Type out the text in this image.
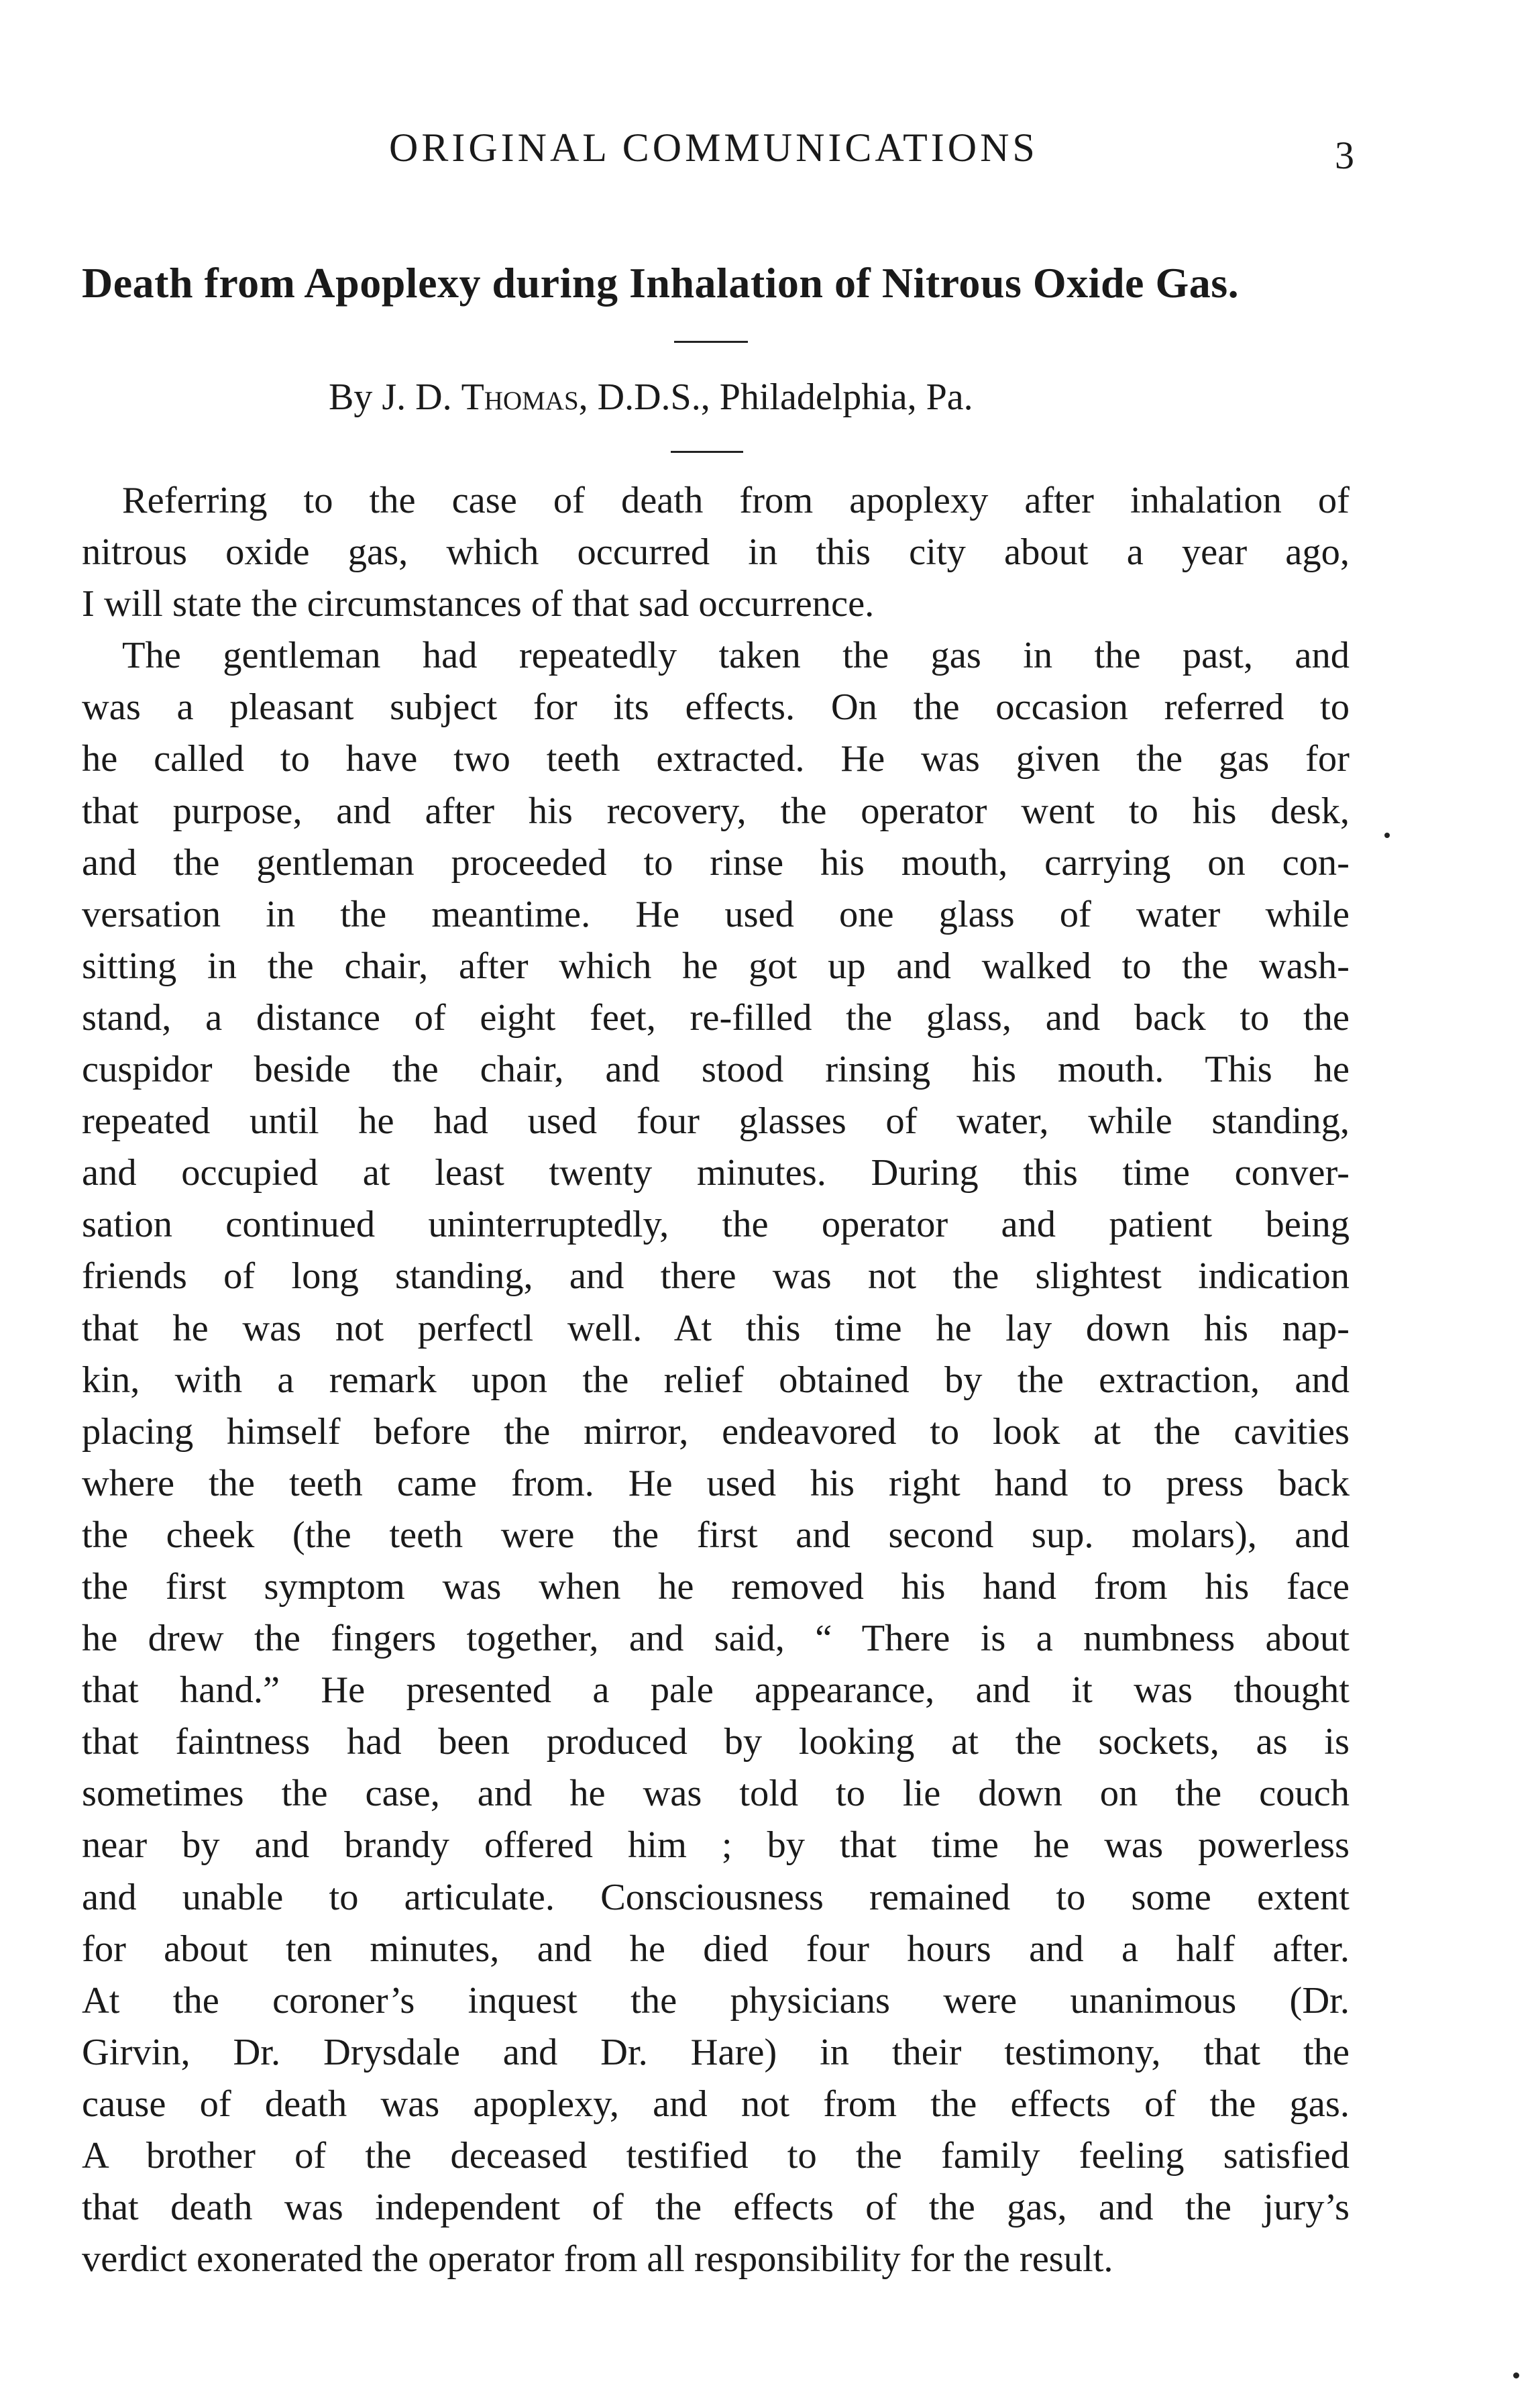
ORIGINAL COMMUNICATIONS	3
Death from Apoplexy during Inhalation of Nitrous Oxide Gas.
By J. D. Thomas, D.D.S., Philadelphia, Pa.
Referring to the case of death from apoplexy after inhalation of
nitrous oxide gas, which occurred in this city about a year ago,
I will state the circumstances of that sad occurrence.
The gentleman had repeatedly taken the gas in the past, and
was a pleasant subject for its effects. On the occasion referred to
he called to have two teeth extracted. He was given the gas for
that purpose, and after his recovery, the operator went to his desk,
and the gentleman proceeded to rinse his mouth, carrying on con-
versation in the meantime. He used one glass of water while
sitting in the chair, after which he got up and walked to the wash-
stand, a distance of eight feet, re-filled the glass, and back to the
cuspidor beside the chair, and stood rinsing his mouth. This he
repeated until he had used four glasses of water, while standing,
and occupied at least twenty minutes. During this time conver-
sation continued uninterruptedly, the operator and patient being
friends of long standing, and there was not the slightest indication
that he was not perfectl well. At this time he lay down his nap-
kin, with a remark upon the relief obtained by the extraction, and
placing himself before the mirror, endeavored to look at the cavities
where the teeth came from. He used his right hand to press back
the cheek (the teeth were the first and second sup. molars), and
the first symptom was when he removed his hand from his face
he drew the fingers together, and said, “ There is a numbness about
that hand.” He presented a pale appearance, and it was thought
that faintness had been produced by looking at the sockets, as is
sometimes the case, and he was told to lie down on the couch
near by and brandy offered him ; by that time he was powerless
and unable to articulate. Consciousness remained to some extent
for about ten minutes, and he died four hours and a half after.
At the coroner’s inquest the physicians were unanimous (Dr.
Girvin, Dr. Drysdale and Dr. Hare) in their testimony, that the
cause of death was apoplexy, and not from the effects of the gas.
A brother of the deceased testified to the family feeling satisfied
that death was independent of the effects of the gas, and the jury’s
verdict exonerated the operator from all responsibility for the result.
